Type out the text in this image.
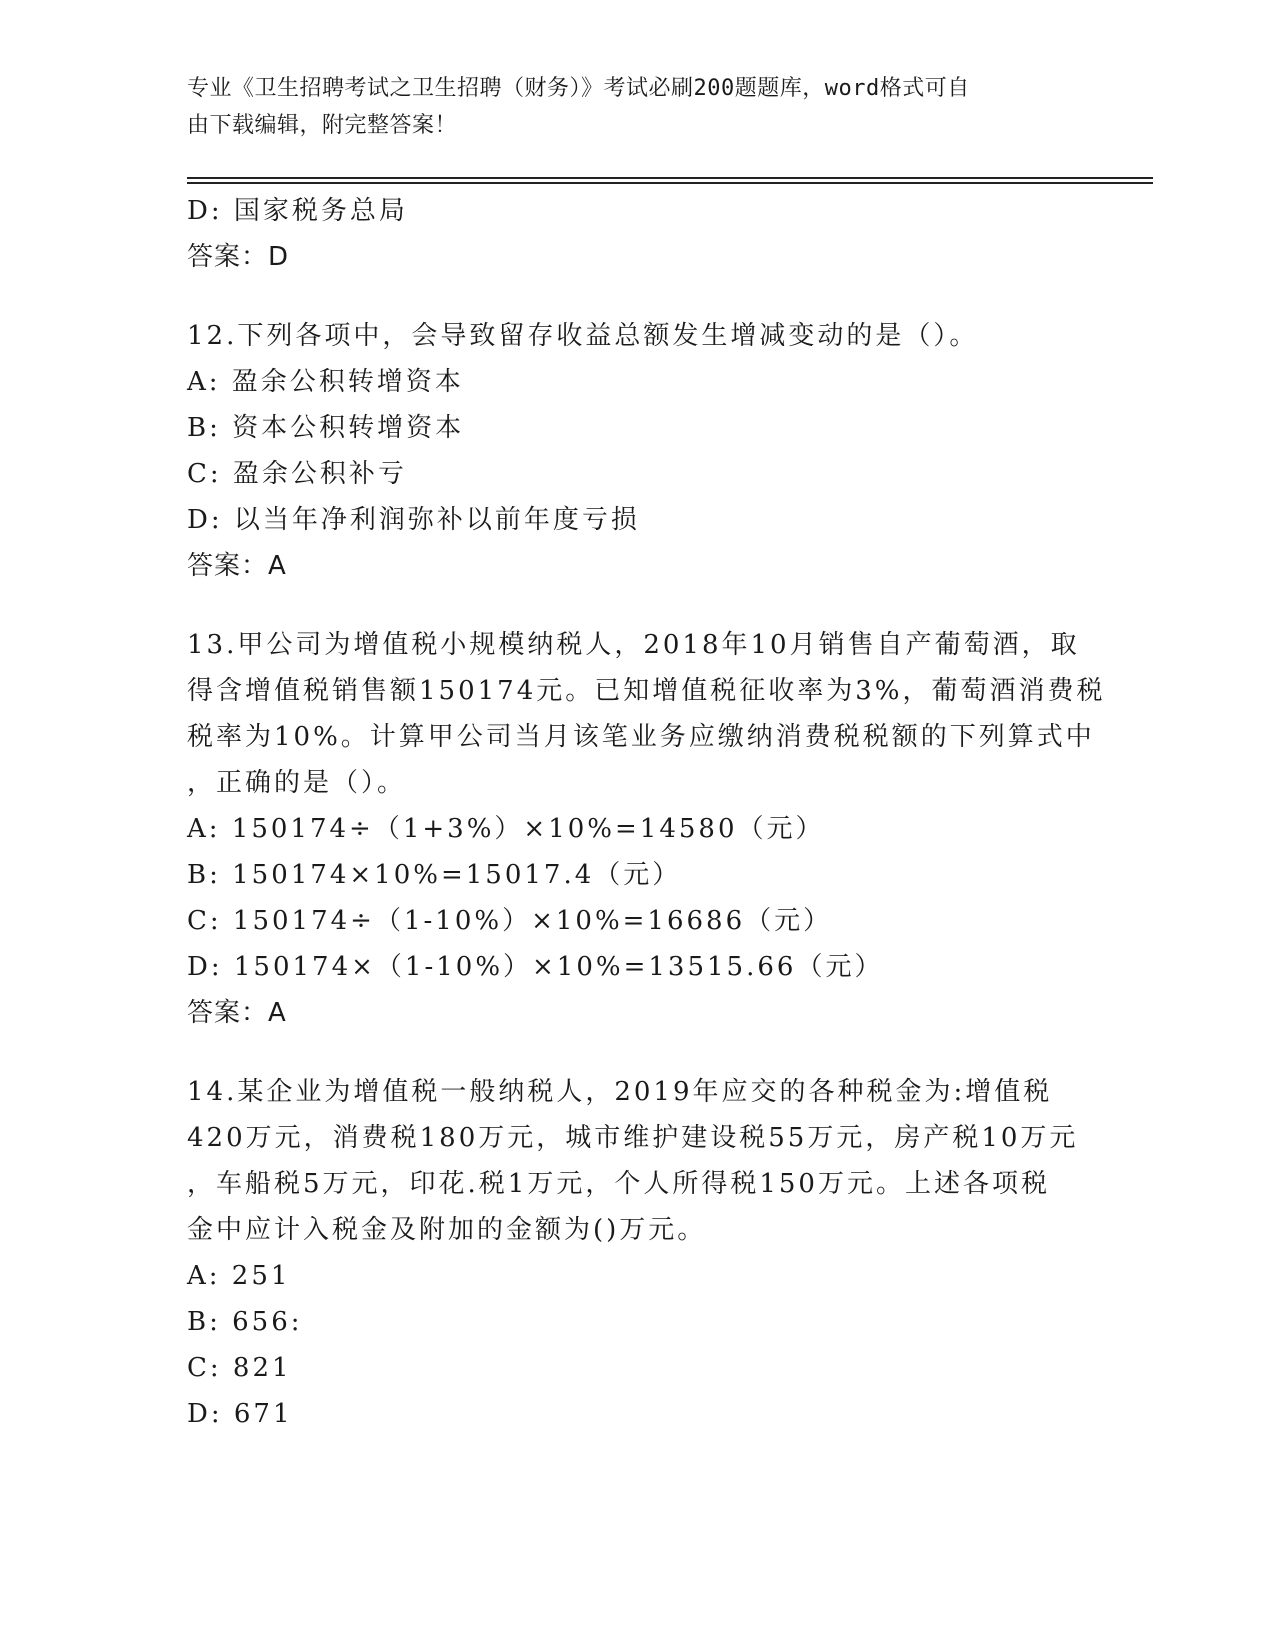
专业《卫生招聘考试之卫生招聘（财务）》考试必刷200题题库，word格式可自
由下载编辑，附完整答案！
D: 国家税务总局
答案：D
12.下列各项中，会导致留存收益总额发生增减变动的是（）。
A: 盈余公积转增资本
B: 资本公积转增资本
C: 盈余公积补亏
D: 以当年净利润弥补以前年度亏损
答案：A
13.甲公司为增值税小规模纳税人，2018年10月销售自产葡萄酒，取
得含增值税销售额150174元。已知增值税征收率为3%，葡萄酒消费税
税率为10%。计算甲公司当月该笔业务应缴纳消费税税额的下列算式中
，正确的是（）。
A: 150174÷（1+3%）×10%=14580（元）
B: 150174×10%=15017.4（元）
C: 150174÷（1-10%）×10%=16686（元）
D: 150174×（1-10%）×10%=13515.66（元）
答案：A
14.某企业为增值税一般纳税人，2019年应交的各种税金为:增值税
420万元，消费税180万元，城市维护建设税55万元，房产税10万元
，车船税5万元，印花.税1万元，个人所得税150万元。上述各项税
金中应计入税金及附加的金额为()万元。
A: 251
B: 656:
C: 821
D: 671
